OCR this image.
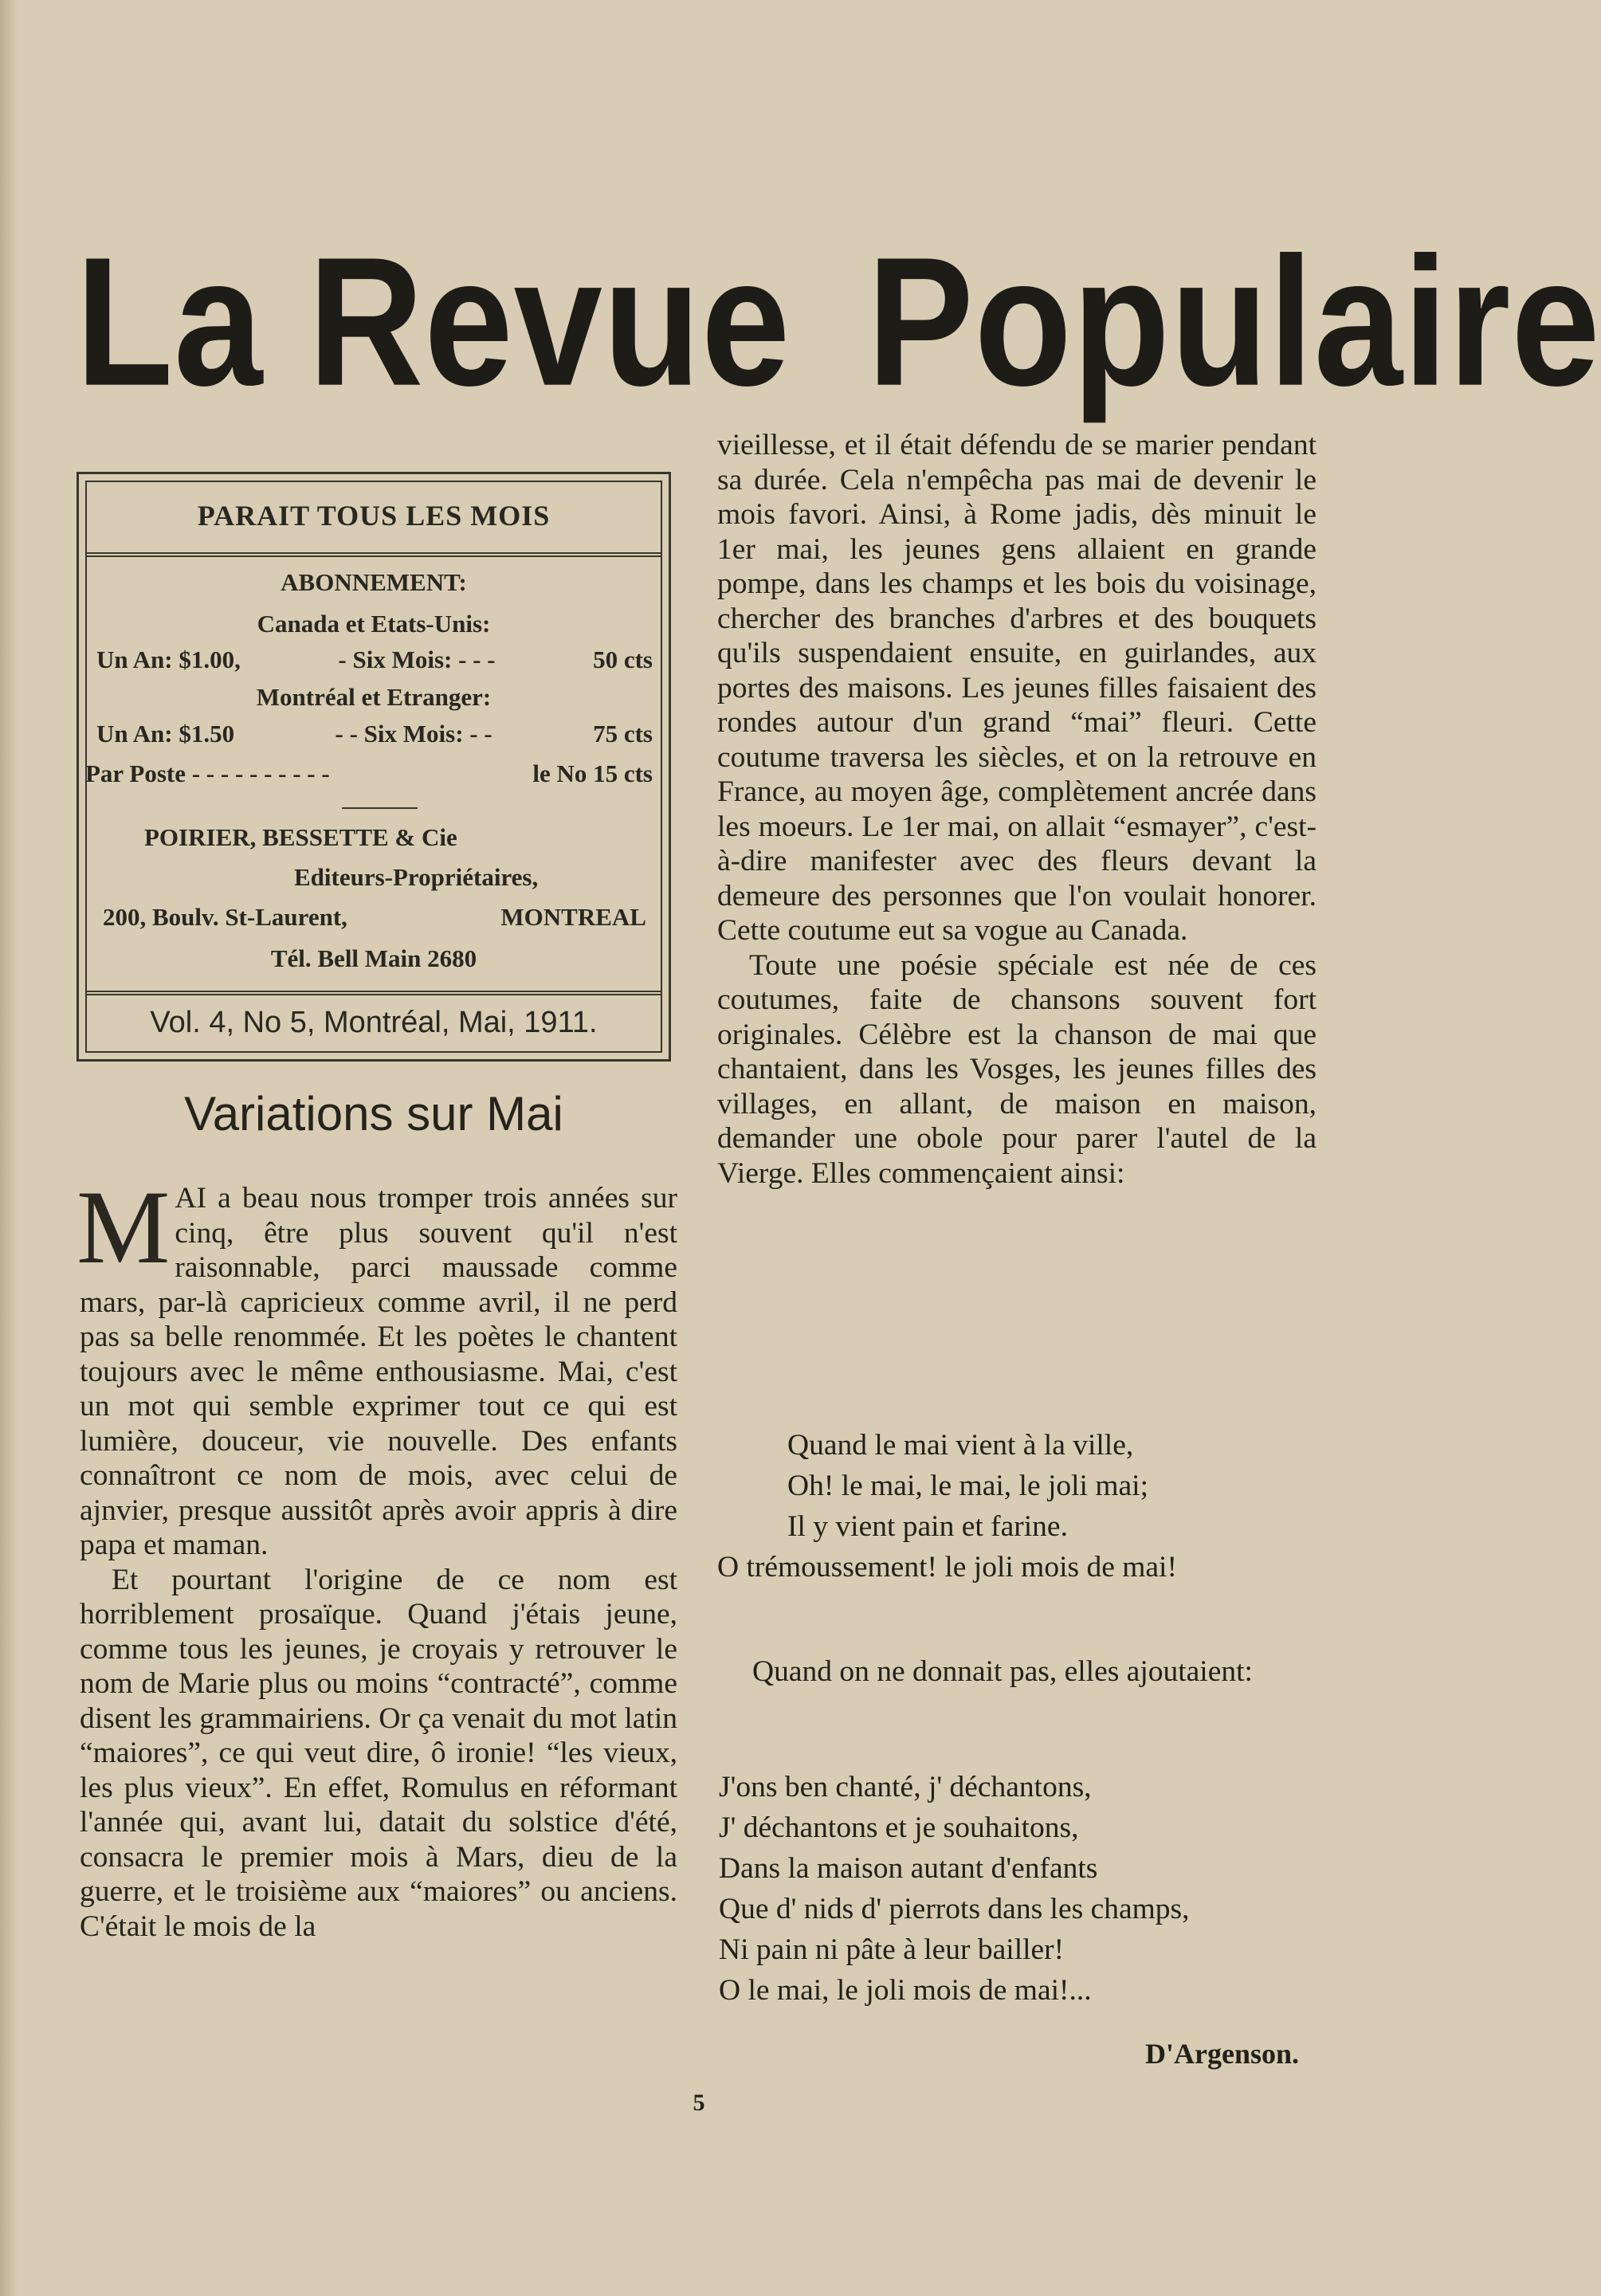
La Revue Populaire
PARAIT TOUS LES MOIS
ABONNEMENT:
Canada et Etats-Unis:
Un An: $1.00,	- Six Mois: - - -	50 cts
Montréal et Etranger:
Un An: $1.50	- - Six Mois: - -	75 cts
Par Poste - - - - - - - - - -	le No 15 cts
POIRIER, BESSETTE & Cie
Editeurs-Propriétaires,
200, Boulv. St-Laurent,	MONTREAL
Tél. Bell Main 2680
Vol. 4, No 5, Montréal, Mai, 1911.
Variations sur Mai

MAI a beau nous tromper trois années sur cinq, être plus souvent qu'il n'est raisonnable, parci maussade comme mars, par-là capricieux comme avril, il ne perd pas sa belle renommée. Et les poètes le chantent toujours avec le même enthousiasme. Mai, c'est un mot qui semble exprimer tout ce qui est lumière, douceur, vie nouvelle. Des enfants connaîtront ce nom de mois, avec celui de ajnvier, presque aussitôt après avoir appris à dire papa et maman.

Et pourtant l'origine de ce nom est horriblement prosaïque. Quand j'étais jeune, comme tous les jeunes, je croyais y retrouver le nom de Marie plus ou moins “contracté”, comme disent les grammairiens. Or ça venait du mot latin “maiores”, ce qui veut dire, ô ironie! “les vieux, les plus vieux”. En effet, Romulus en réformant l'année qui, avant lui, datait du solstice d'été, consacra le premier mois à Mars, dieu de la guerre, et le troisième aux “maiores” ou anciens. C'était le mois de la

vieillesse, et il était défendu de se marier pendant sa durée. Cela n'empêcha pas mai de devenir le mois favori. Ainsi, à Rome jadis, dès minuit le 1er mai, les jeunes gens allaient en grande pompe, dans les champs et les bois du voisinage, chercher des branches d'arbres et des bouquets qu'ils suspendaient ensuite, en guirlandes, aux portes des maisons. Les jeunes filles faisaient des rondes autour d'un grand “mai” fleuri. Cette coutume traversa les siècles, et on la retrouve en France, au moyen âge, complètement ancrée dans les moeurs. Le 1er mai, on allait “esmayer”, c'est-à-dire manifester avec des fleurs devant la demeure des personnes que l'on voulait honorer. Cette coutume eut sa vogue au Canada.

Toute une poésie spéciale est née de ces coutumes, faite de chansons souvent fort originales. Célèbre est la chanson de mai que chantaient, dans les Vosges, les jeunes filles des villages, en allant, de maison en maison, demander une obole pour parer l'autel de la Vierge. Elles commençaient ainsi:

Quand le mai vient à la ville,
Oh! le mai, le mai, le joli mai;
Il y vient pain et farine.
O trémoussement! le joli mois de mai!

Quand on ne donnait pas, elles ajoutaient:

J'ons ben chanté, j' déchantons,
J' déchantons et je souhaitons,
Dans la maison autant d'enfants
Que d' nids d' pierrots dans les champs,
Ni pain ni pâte à leur bailler!
O le mai, le joli mois de mai!...
D'Argenson.
5
